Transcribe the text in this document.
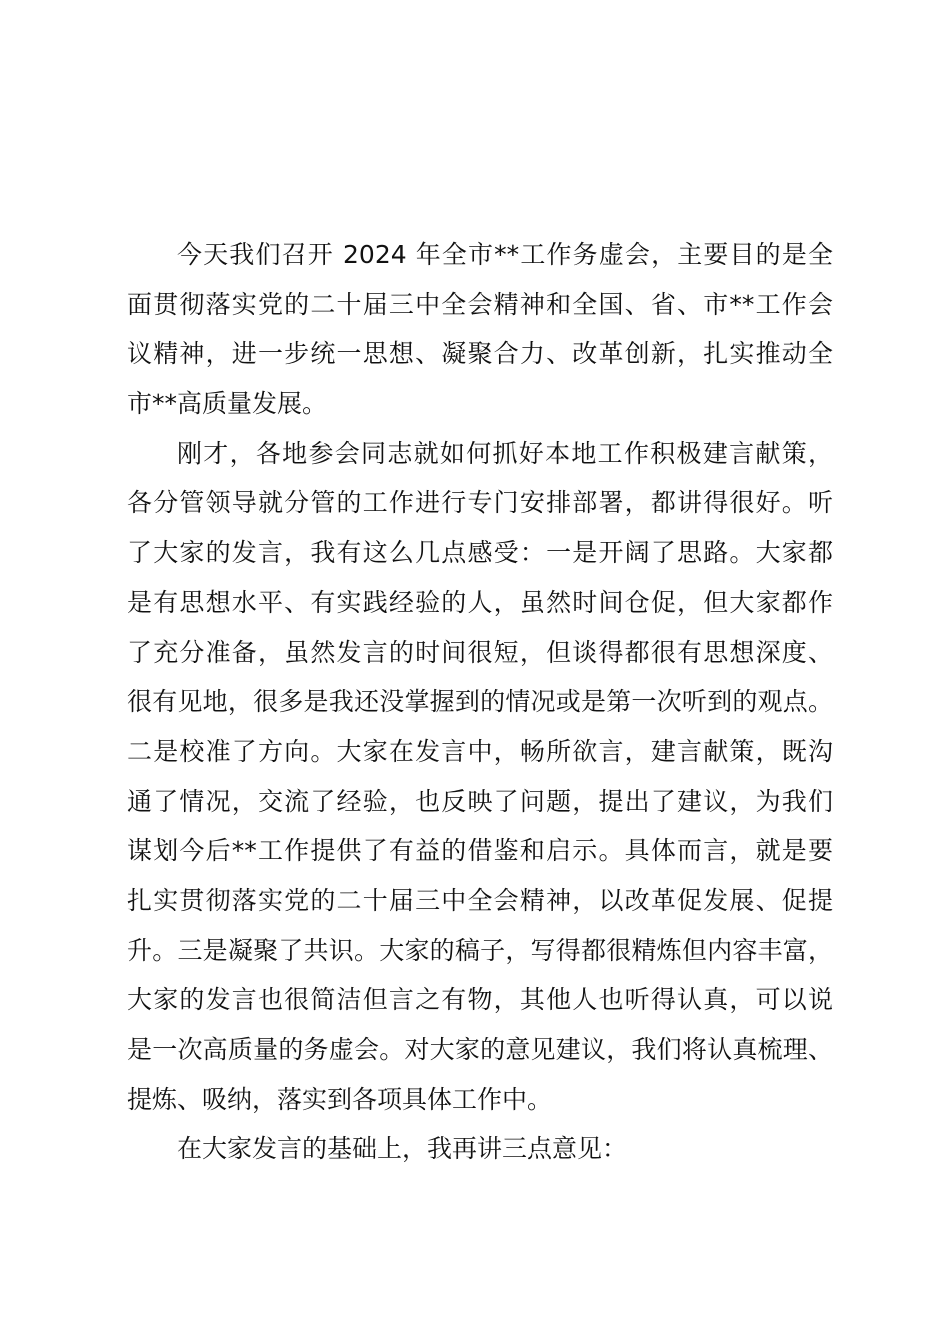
今天我们召开 2024 年全市**工作务虚会，主要目的是全
面贯彻落实党的二十届三中全会精神和全国、省、市**工作会
议精神，进一步统一思想、凝聚合力、改革创新，扎实推动全
市**高质量发展。
刚才，各地参会同志就如何抓好本地工作积极建言献策，
各分管领导就分管的工作进行专门安排部署，都讲得很好。听
了大家的发言，我有这么几点感受：一是开阔了思路。大家都
是有思想水平、有实践经验的人，虽然时间仓促，但大家都作
了充分准备，虽然发言的时间很短，但谈得都很有思想深度、
很有见地，很多是我还没掌握到的情况或是第一次听到的观点。
二是校准了方向。大家在发言中，畅所欲言，建言献策，既沟
通了情况，交流了经验，也反映了问题，提出了建议，为我们
谋划今后**工作提供了有益的借鉴和启示。具体而言，就是要
扎实贯彻落实党的二十届三中全会精神，以改革促发展、促提
升。三是凝聚了共识。大家的稿子，写得都很精炼但内容丰富，
大家的发言也很简洁但言之有物，其他人也听得认真，可以说
是一次高质量的务虚会。对大家的意见建议，我们将认真梳理、
提炼、吸纳，落实到各项具体工作中。
在大家发言的基础上，我再讲三点意见：
